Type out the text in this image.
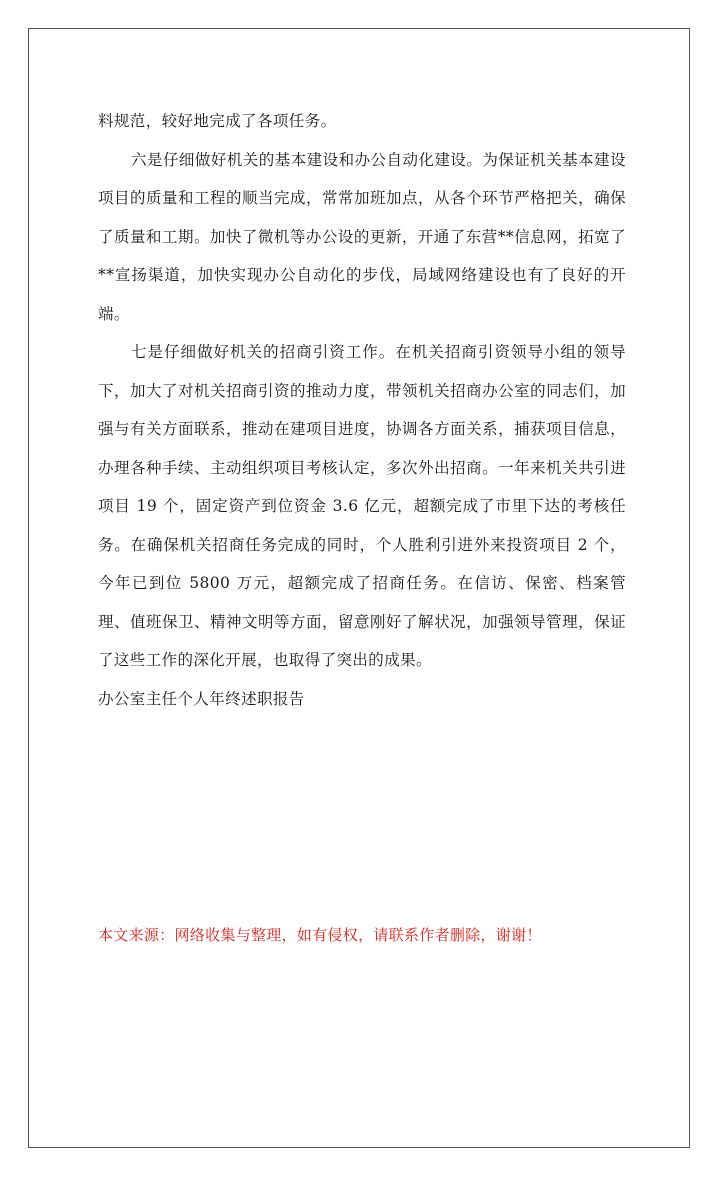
料规范，较好地完成了各项任务。

六是仔细做好机关的基本建设和办公自动化建设。为保证机关基本建设项目的质量和工程的顺当完成，常常加班加点，从各个环节严格把关，确保了质量和工期。加快了微机等办公设的更新，开通了东营**信息网，拓宽了**宣扬渠道，加快实现办公自动化的步伐，局域网络建设也有了良好的开端。

七是仔细做好机关的招商引资工作。在机关招商引资领导小组的领导下，加大了对机关招商引资的推动力度，带领机关招商办公室的同志们，加强与有关方面联系，推动在建项目进度，协调各方面关系，捕获项目信息，办理各种手续、主动组织项目考核认定，多次外出招商。一年来机关共引进项目 19 个，固定资产到位资金 3.6 亿元，超额完成了市里下达的考核任务。在确保机关招商任务完成的同时，个人胜利引进外来投资项目 2 个，今年已到位 5800 万元，超额完成了招商任务。在信访、保密、档案管理、值班保卫、精神文明等方面，留意刚好了解状况，加强领导管理，保证了这些工作的深化开展，也取得了突出的成果。

办公室主任个人年终述职报告

本文来源：网络收集与整理，如有侵权，请联系作者删除，谢谢！
